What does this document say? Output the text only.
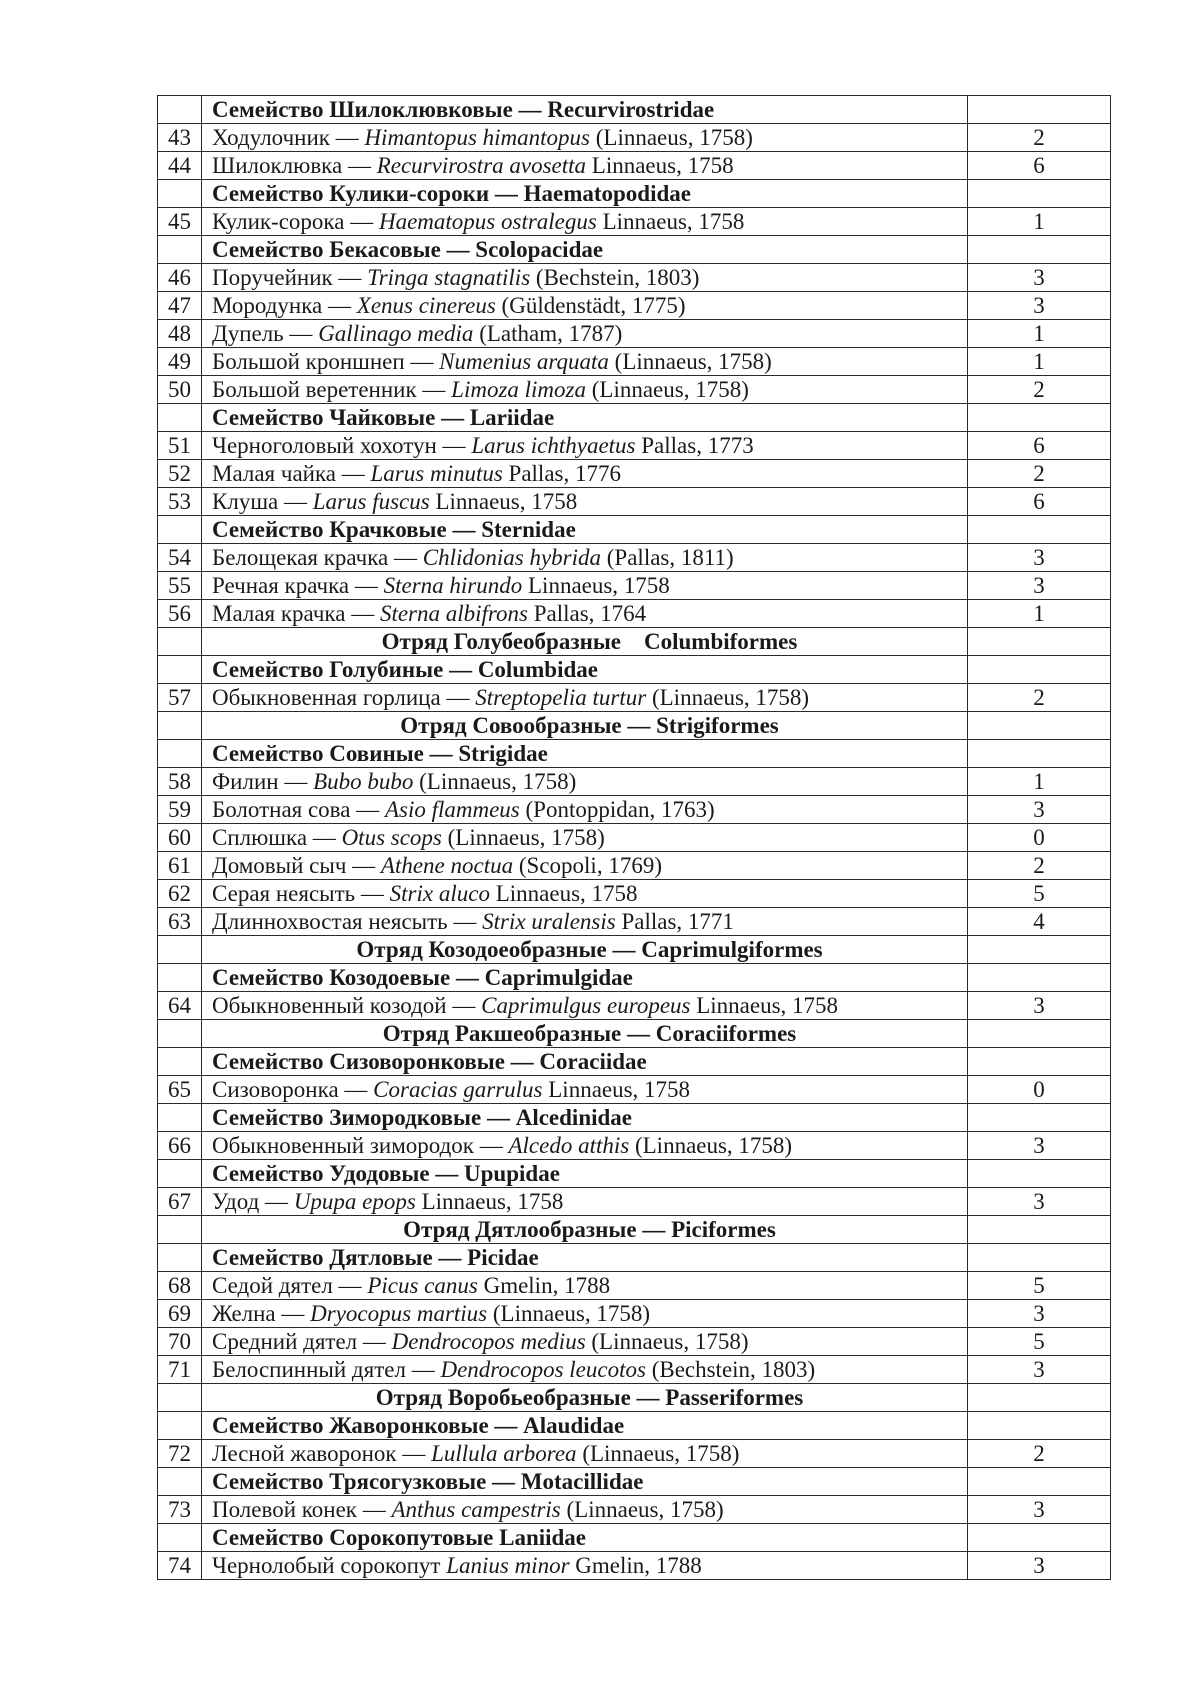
	Семейство Шилоклювковые — Recurvirostridae	
43	Ходулочник — Himantopus himantopus (Linnaeus, 1758)	2
44	Шилоклювка — Recurvirostra avosetta Linnaeus, 1758	6
	Семейство Кулики-сороки — Haematopodidae	
45	Кулик-сорока — Haematopus ostralegus Linnaeus, 1758	1
	Семейство Бекасовые — Scolopacidae	
46	Поручейник — Tringa stagnatilis (Bechstein, 1803)	3
47	Мородунка — Xenus cinereus (Güldenstädt, 1775)	3
48	Дупель — Gallinago media (Latham, 1787)	1
49	Большой кроншнеп — Numenius arquata (Linnaeus, 1758)	1
50	Большой веретенник — Limoza limoza (Linnaeus, 1758)	2
	Семейство Чайковые — Lariidae	
51	Черноголовый хохотун — Larus ichthyaetus Pallas, 1773	6
52	Малая чайка — Larus minutus Pallas, 1776	2
53	Клуша — Larus fuscus Linnaeus, 1758	6
	Семейство Крачковые — Sternidae	
54	Белощекая крачка — Chlidonias hybrida (Pallas, 1811)	3
55	Речная крачка — Sterna hirundo Linnaeus, 1758	3
56	Малая крачка — Sterna albifrons Pallas, 1764	1
	Отряд Голубеобразные    Columbiformes	
	Семейство Голубиные — Columbidae	
57	Обыкновенная горлица — Streptopelia turtur (Linnaeus, 1758)	2
	Отряд Совообразные — Strigiformes	
	Семейство Совиные — Strigidae	
58	Филин — Bubo bubo (Linnaeus, 1758)	1
59	Болотная сова — Asio flammeus (Pontoppidan, 1763)	3
60	Сплюшка — Otus scops (Linnaeus, 1758)	0
61	Домовый сыч — Athene noctua (Scopoli, 1769)	2
62	Серая неясыть — Strix aluco Linnaeus, 1758	5
63	Длиннохвостая неясыть — Strix uralensis Pallas, 1771	4
	Отряд Козодоеобразные — Caprimulgiformes	
	Семейство Козодоевые — Caprimulgidae	
64	Обыкновенный козодой — Caprimulgus europeus Linnaeus, 1758	3
	Отряд Ракшеобразные — Coraciiformes	
	Семейство Сизоворонковые — Coraciidae	
65	Сизоворонка — Coracias garrulus Linnaeus, 1758	0
	Семейство Зимородковые — Alcedinidae	
66	Обыкновенный зимородок — Alcedo atthis (Linnaeus, 1758)	3
	Семейство Удодовые — Upupidae	
67	Удод — Upupa epops Linnaeus, 1758	3
	Отряд Дятлообразные — Piciformes	
	Семейство Дятловые — Picidae	
68	Седой дятел — Picus canus Gmelin, 1788	5
69	Желна — Dryocopus martius (Linnaeus, 1758)	3
70	Средний дятел — Dendrocopos medius (Linnaeus, 1758)	5
71	Белоспинный дятел — Dendrocopos leucotos (Bechstein, 1803)	3
	Отряд Воробьеобразные — Passeriformes	
	Семейство Жаворонковые — Alaudidae	
72	Лесной жаворонок — Lullula arborea (Linnaeus, 1758)	2
	Семейство Трясогузковые — Motacillidae	
73	Полевой конек — Anthus campestris (Linnaeus, 1758)	3
	Семейство Сорокопутовые Laniidae	
74	Чернолобый сорокопут Lanius minor Gmelin, 1788	3
